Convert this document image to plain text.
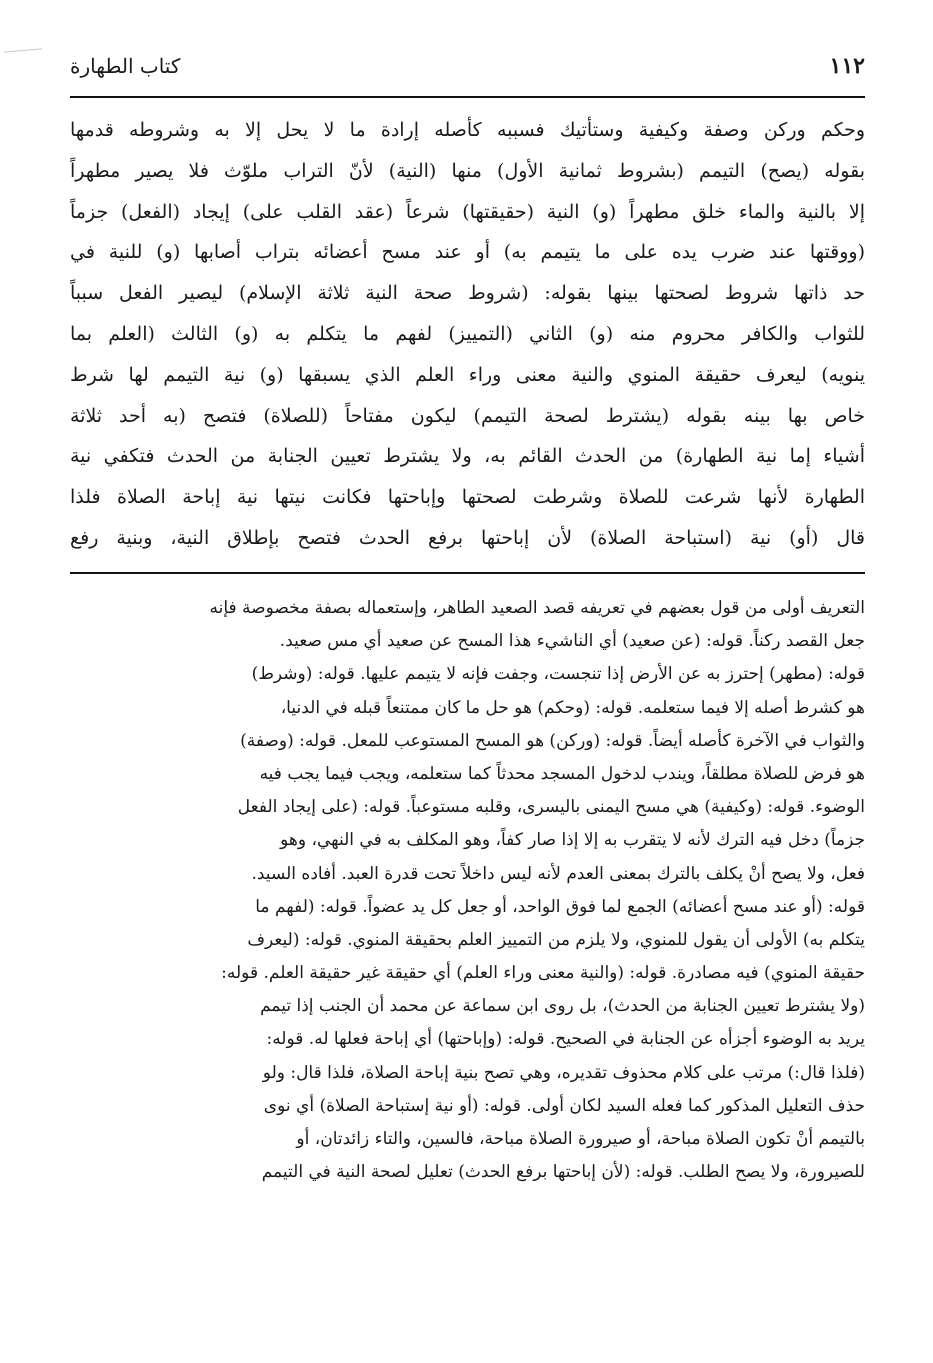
١١٢
كتاب الطهارة
وحكم وركن وصفة وكيفية وستأتيك فسببه كأصله إرادة ما لا يحل إلا به وشروطه قدمها
بقوله (يصح) التيمم (بشروط ثمانية الأول) منها (النية) لأنّ التراب ملوّث فلا يصير مطهراً
إلا بالنية والماء خلق مطهراً (و) النية (حقيقتها) شرعاً (عقد القلب على) إيجاد (الفعل) جزماً
(ووقتها عند ضرب يده على ما يتيمم به) أو عند مسح أعضائه بتراب أصابها (و) للنية في
حد ذاتها شروط لصحتها بينها بقوله: (شروط صحة النية ثلاثة الإسلام) ليصير الفعل سبباً
للثواب والكافر محروم منه (و) الثاني (التمييز) لفهم ما يتكلم به (و) الثالث (العلم بما
ينويه) ليعرف حقيقة المنوي والنية معنى وراء العلم الذي يسبقها (و) نية التيمم لها شرط
خاص بها بينه بقوله (يشترط لصحة التيمم) ليكون مفتاحاً (للصلاة) فتصح (به أحد ثلاثة
أشياء إما نية الطهارة) من الحدث القائم به، ولا يشترط تعيين الجنابة من الحدث فتكفي نية
الطهارة لأنها شرعت للصلاة وشرطت لصحتها وإباحتها فكانت نيتها نية إباحة الصلاة فلذا
قال (أو) نية (استباحة الصلاة) لأن إباحتها برفع الحدث فتصح بإطلاق النية، وبنية رفع
التعريف أولى من قول بعضهم في تعريفه قصد الصعيد الطاهر، وإستعماله بصفة مخصوصة فإنه
جعل القصد ركناً. قوله: (عن صعيد) أي الناشيء هذا المسح عن صعيد أي مس صعيد.
قوله: (مطهر) إحترز به عن الأرض إذا تنجست، وجفت فإنه لا يتيمم عليها. قوله: (وشرط)
هو كشرط أصله إلا فيما ستعلمه. قوله: (وحكم) هو حل ما كان ممتنعاً قبله في الدنيا،
والثواب في الآخرة كأصله أيضاً. قوله: (وركن) هو المسح المستوعب للمعل. قوله: (وصفة)
هو فرض للصلاة مطلقاً، ويندب لدخول المسجد محدثاً كما ستعلمه، ويجب فيما يجب فيه
الوضوء. قوله: (وكيفية) هي مسح اليمنى باليسرى، وقلبه مستوعباً. قوله: (على إيجاد الفعل
جزماً) دخل فيه الترك لأنه لا يتقرب به إلا إذا صار كفاً، وهو المكلف به في النهي، وهو
فعل، ولا يصح أنْ يكلف بالترك بمعنى العدم لأنه ليس داخلاً تحت قدرة العبد. أفاده السيد.
قوله: (أو عند مسح أعضائه) الجمع لما فوق الواحد، أو جعل كل يد عضواً. قوله: (لفهم ما
يتكلم به) الأولى أن يقول للمنوي، ولا يلزم من التمييز العلم بحقيقة المنوي. قوله: (ليعرف
حقيقة المنوي) فيه مصادرة. قوله: (والنية معنى وراء العلم) أي حقيقة غير حقيقة العلم. قوله:
(ولا يشترط تعيين الجنابة من الحدث)، بل روى ابن سماعة عن محمد أن الجنب إذا تيمم
يريد به الوضوء أجزأه عن الجنابة في الصحيح. قوله: (وإباحتها) أي إباحة فعلها له. قوله:
(فلذا قال:) مرتب على كلام محذوف تقديره، وهي تصح بنية إباحة الصلاة، فلذا قال: ولو
حذف التعليل المذكور كما فعله السيد لكان أولى. قوله: (أو نية إستباحة الصلاة) أي نوى
بالتيمم أنْ تكون الصلاة مباحة، أو صيرورة الصلاة مباحة، فالسين، والتاء زائدتان، أو
للصيرورة، ولا يصح الطلب. قوله: (لأن إباحتها برفع الحدث) تعليل لصحة النية في التيمم
